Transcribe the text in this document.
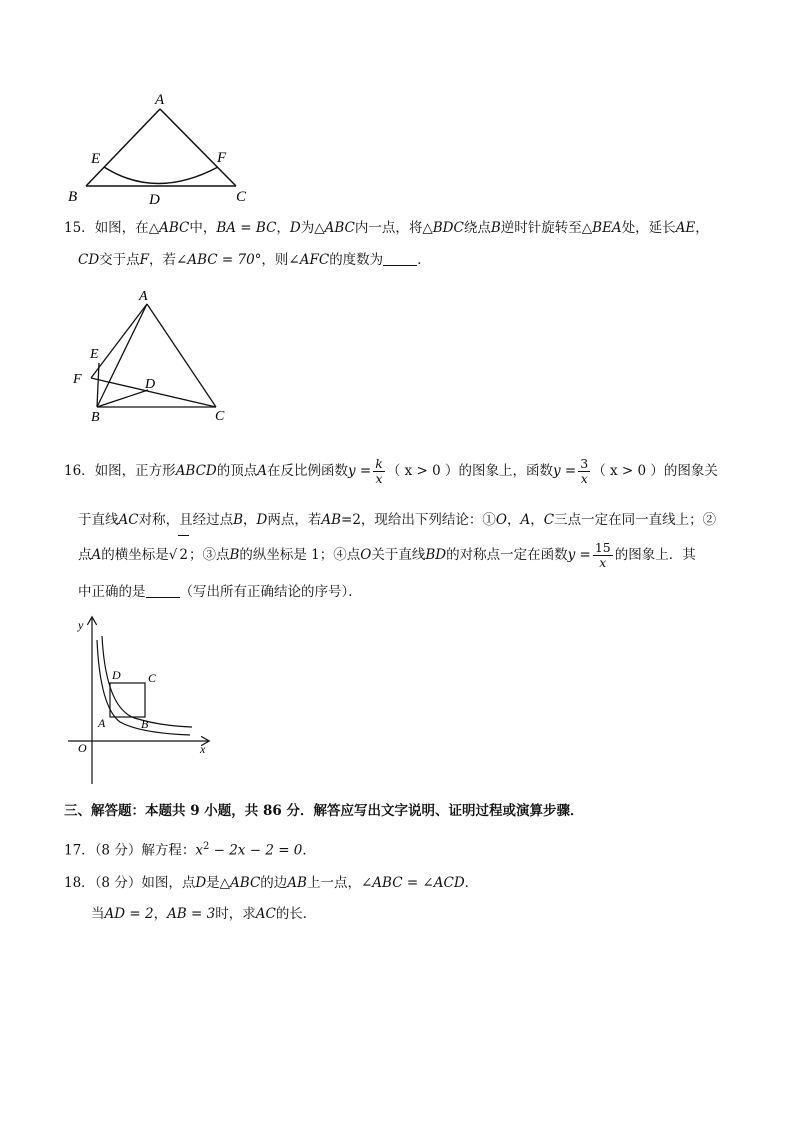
A
E	F
B	D	C
15．如图，在△ABC中，BA = BC，D为△ABC内一点，将△BDC绕点B逆时针旋转至△BEA处，延长AE，
CD交于点F，若∠ABC = 70°，则∠AFC的度数为	．
A
E
F	D
B	C
16．如图，正方形ABCD的顶点A在反比例函数$y = \frac{k}{x}$ （ x > 0 ）的图象上，函数$y = \frac{3}{x}$ （ x > 0 ）的图象关
于直线AC对称，且经过点B，D两点，若AB=2，现给出下列结论：①O，A，C三点一定在同一直线上；②
点A的横坐标是√ 2；③点B的纵坐标是 1；④点O关于直线BD的对称点一定在函数$y = \frac{15}{x}$ 的图象上．其
中正确的是	（写出所有正确结论的序号）．
y
D C
A	B
O	x
三、解答题：本题共 9 小题，共 86 分．解答应写出文字说明、证明过程或演算步骤．
17．（8 分）解方程：$x^2 - 2x - 2 = 0$．
18．（8 分）如图，点D是△ABC的边AB上一点，∠ABC = ∠ACD．
当AD = 2，AB = 3时，求AC的长．
